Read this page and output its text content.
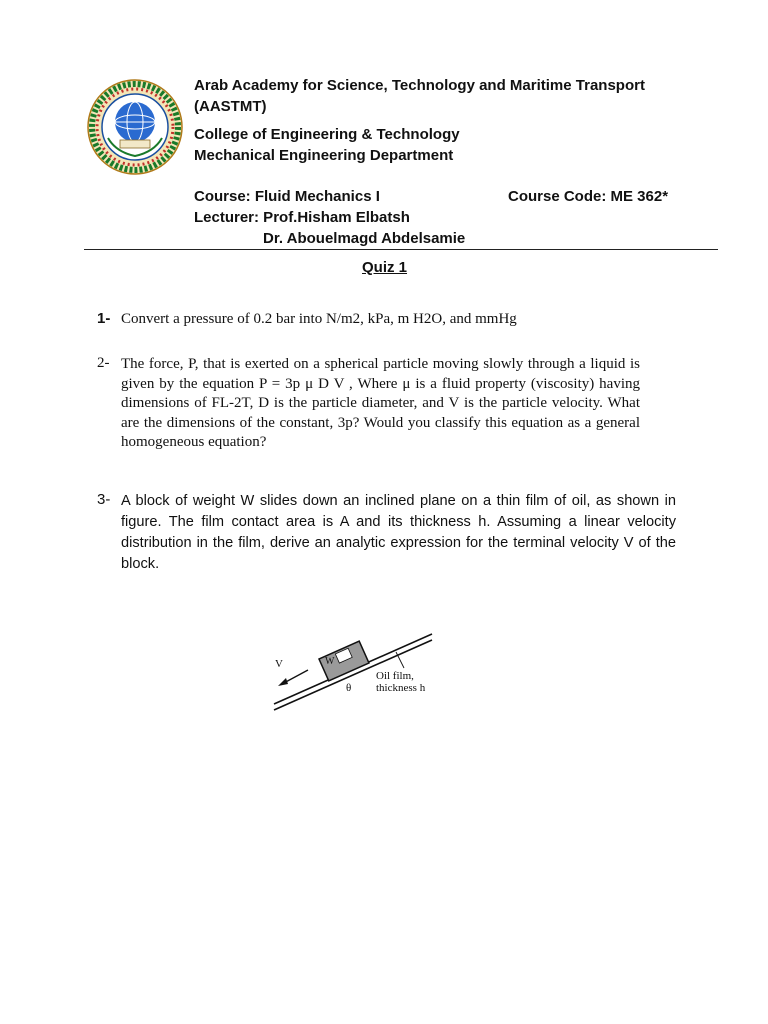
Arab Academy for Science, Technology and Maritime Transport
(AASTMT)
College of Engineering & Technology
Mechanical Engineering Department
Course: Fluid Mechanics I	Course Code: ME 362*
Lecturer: Prof.Hisham Elbatsh
Dr. Abouelmagd Abdelsamie
Quiz 1
1- Convert a pressure of 0.2 bar into N/m2, kPa, m H2O, and mmHg
2- The force, P, that is exerted on a spherical particle moving slowly through a liquid is given by the equation P = 3p μ D V , Where μ is a fluid property (viscosity) having dimensions of FL-2T, D is the particle diameter, and V is the particle velocity. What are the dimensions of the constant, 3p? Would you classify this equation as a general homogeneous equation?
3- A block of weight W slides down an inclined plane on a thin film of oil, as shown in figure. The film contact area is A and its thickness h. Assuming a linear velocity distribution in the film, derive an analytic expression for the terminal velocity V of the block.
V	W
θ
Oil film,
thickness h
